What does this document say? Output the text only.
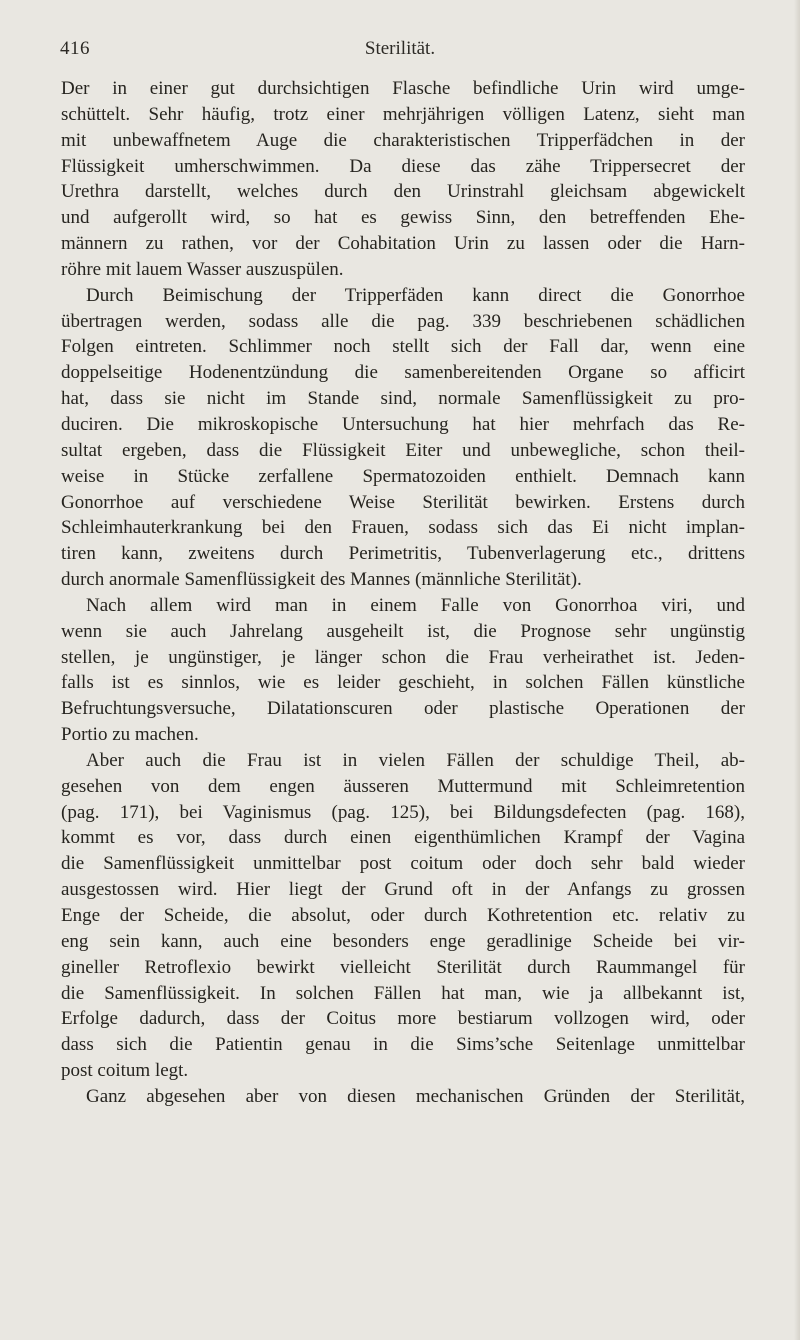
416	Sterilität.
Der in einer gut durchsichtigen Flasche befindliche Urin wird umge-
schüttelt. Sehr häufig, trotz einer mehrjährigen völligen Latenz, sieht man
mit unbewaffnetem Auge die charakteristischen Tripperfädchen in der
Flüssigkeit umherschwimmen. Da diese das zähe Trippersecret der
Urethra darstellt, welches durch den Urinstrahl gleichsam abgewickelt
und aufgerollt wird, so hat es gewiss Sinn, den betreffenden Ehe-
männern zu rathen, vor der Cohabitation Urin zu lassen oder die Harn-
röhre mit lauem Wasser auszuspülen.
Durch Beimischung der Tripperfäden kann direct die Gonorrhoe
übertragen werden, sodass alle die pag. 339 beschriebenen schädlichen
Folgen eintreten. Schlimmer noch stellt sich der Fall dar, wenn eine
doppelseitige Hodenentzündung die samenbereitenden Organe so afficirt
hat, dass sie nicht im Stande sind, normale Samenflüssigkeit zu pro-
duciren. Die mikroskopische Untersuchung hat hier mehrfach das Re-
sultat ergeben, dass die Flüssigkeit Eiter und unbewegliche, schon theil-
weise in Stücke zerfallene Spermatozoiden enthielt. Demnach kann
Gonorrhoe auf verschiedene Weise Sterilität bewirken. Erstens durch
Schleimhauterkrankung bei den Frauen, sodass sich das Ei nicht implan-
tiren kann, zweitens durch Perimetritis, Tubenverlagerung etc., drittens
durch anormale Samenflüssigkeit des Mannes (männliche Sterilität).
Nach allem wird man in einem Falle von Gonorrhoa viri, und
wenn sie auch Jahrelang ausgeheilt ist, die Prognose sehr ungünstig
stellen, je ungünstiger, je länger schon die Frau verheirathet ist. Jeden-
falls ist es sinnlos, wie es leider geschieht, in solchen Fällen künstliche
Befruchtungsversuche, Dilatationscuren oder plastische Operationen der
Portio zu machen.
Aber auch die Frau ist in vielen Fällen der schuldige Theil, ab-
gesehen von dem engen äusseren Muttermund mit Schleimretention
(pag. 171), bei Vaginismus (pag. 125), bei Bildungsdefecten (pag. 168),
kommt es vor, dass durch einen eigenthümlichen Krampf der Vagina
die Samenflüssigkeit unmittelbar post coitum oder doch sehr bald wieder
ausgestossen wird. Hier liegt der Grund oft in der Anfangs zu grossen
Enge der Scheide, die absolut, oder durch Kothretention etc. relativ zu
eng sein kann, auch eine besonders enge geradlinige Scheide bei vir-
gineller Retroflexio bewirkt vielleicht Sterilität durch Raummangel für
die Samenflüssigkeit. In solchen Fällen hat man, wie ja allbekannt ist,
Erfolge dadurch, dass der Coitus more bestiarum vollzogen wird, oder
dass sich die Patientin genau in die Sims’sche Seitenlage unmittelbar
post coitum legt.
Ganz abgesehen aber von diesen mechanischen Gründen der Sterilität,
